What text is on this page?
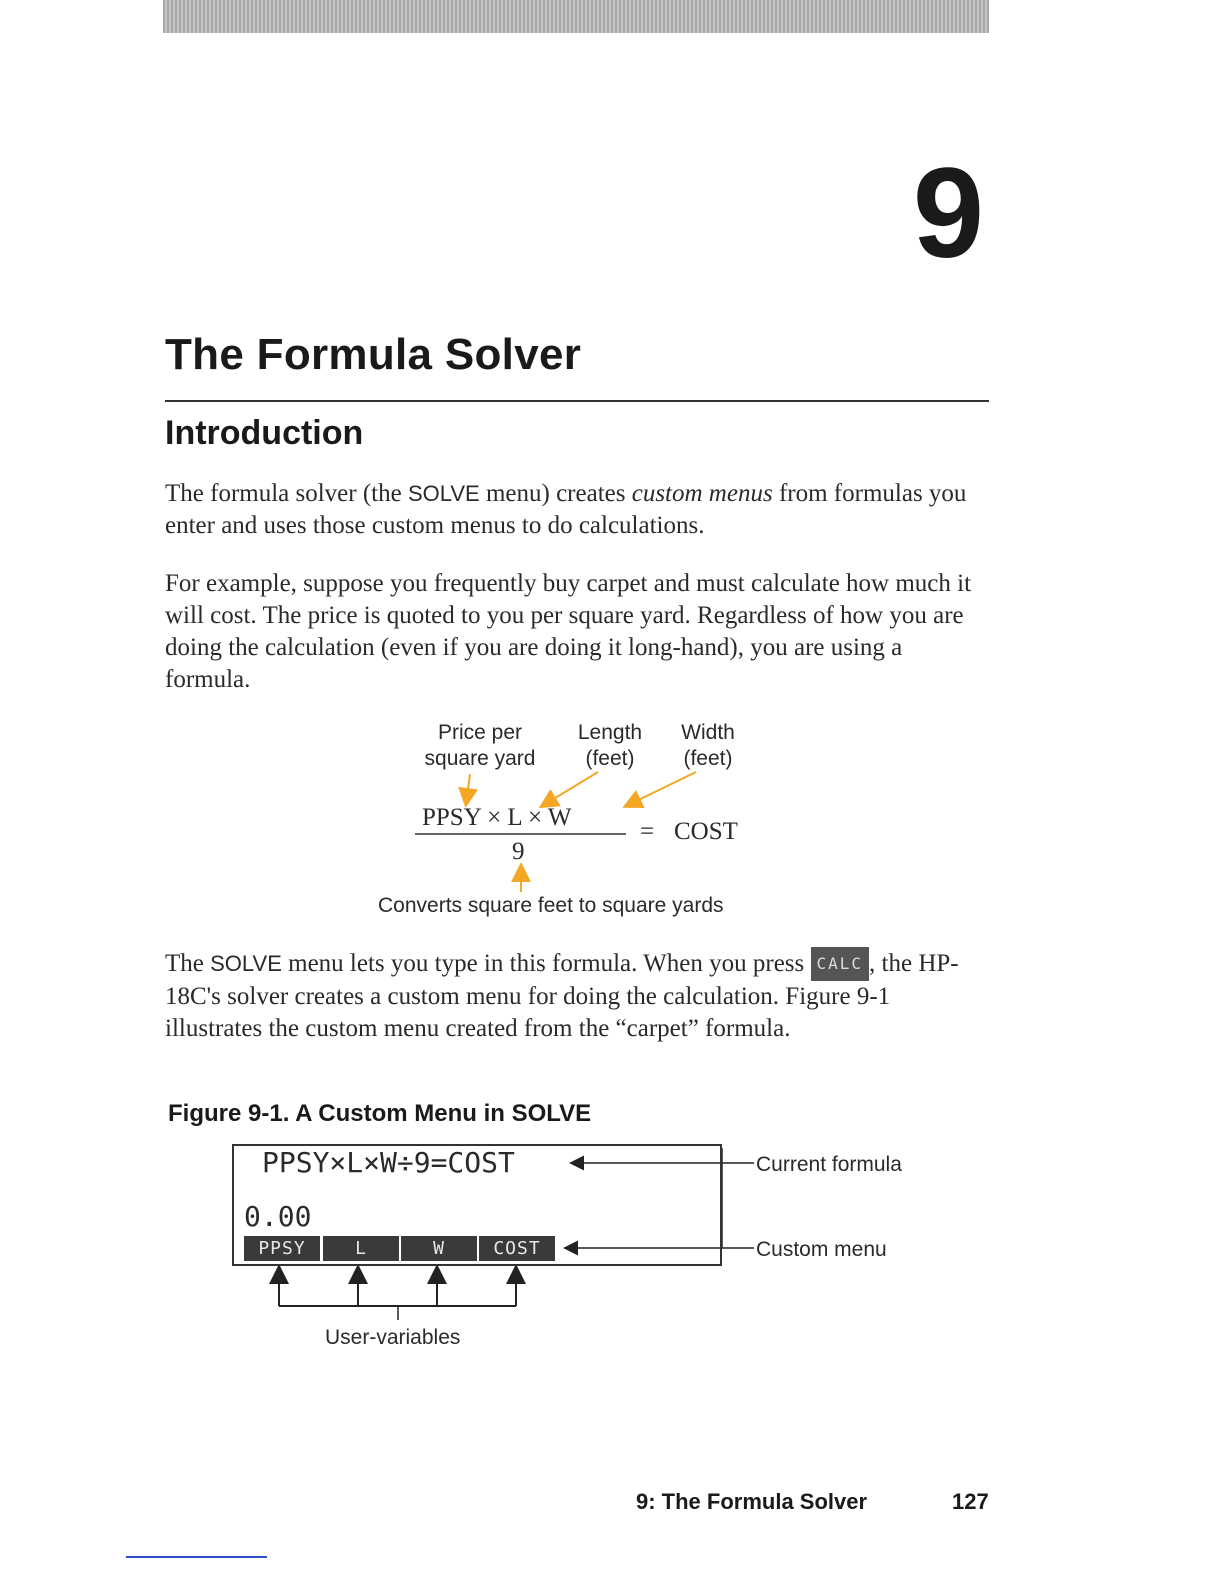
9
The Formula Solver
Introduction

The formula solver (the SOLVE menu) creates custom menus from formulas you enter and uses those custom menus to do calculations.

For example, suppose you frequently buy carpet and must calculate how much it will cost. The price is quoted to you per square yard. Regardless of how you are doing the calculation (even if you are doing it long-hand), you are using a formula.

Price per
square yard
Length
(feet)
Width
(feet)
PPSY × L × W
9
= COST
Converts square feet to square yards

The SOLVE menu lets you type in this formula. When you press CALC , the HP-18C's solver creates a custom menu for doing the calculation. Figure 9-1 illustrates the custom menu created from the “carpet” formula.

Figure 9-1. A Custom Menu in SOLVE
PPSY×L×W÷9=COST
0.00
PPSY	L	W	COST
Current formula
Custom menu
User-variables
9: The Formula Solver	127
